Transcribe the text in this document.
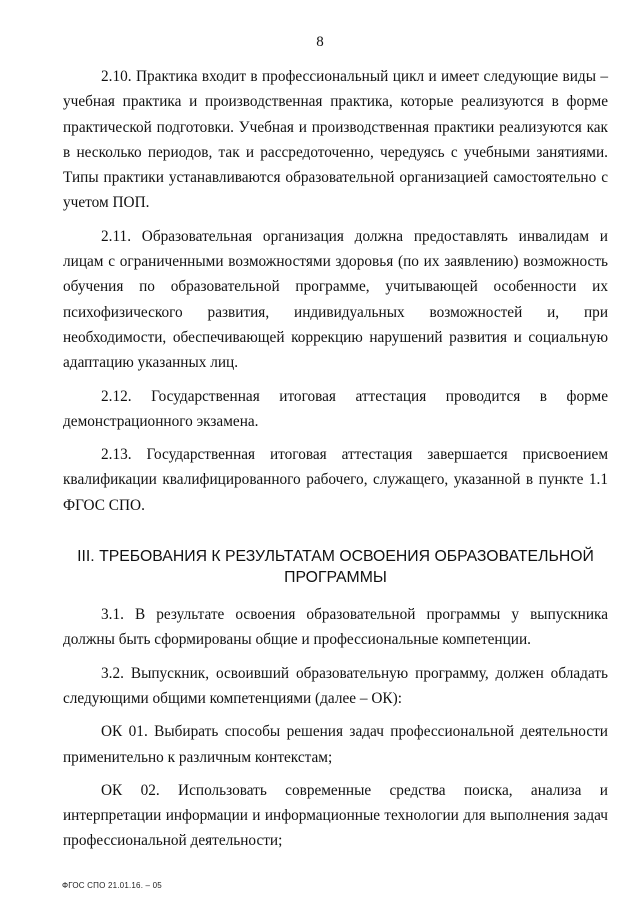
8

2.10. Практика входит в профессиональный цикл и имеет следующие виды – учебная практика и производственная практика, которые реализуются в форме практической подготовки. Учебная и производственная практики реализуются как в несколько периодов, так и рассредоточенно, чередуясь с учебными занятиями. Типы практики устанавливаются образовательной организацией самостоятельно с учетом ПОП.

2.11. Образовательная организация должна предоставлять инвалидам и лицам с ограниченными возможностями здоровья (по их заявлению) возможность обучения по образовательной программе, учитывающей особенности их психофизического развития, индивидуальных возможностей и, при необходимости, обеспечивающей коррекцию нарушений развития и социальную адаптацию указанных лиц.

2.12. Государственная итоговая аттестация проводится в форме демонстрационного экзамена.

2.13. Государственная итоговая аттестация завершается присвоением квалификации квалифицированного рабочего, служащего, указанной в пункте 1.1 ФГОС СПО.

III. ТРЕБОВАНИЯ К РЕЗУЛЬТАТАМ ОСВОЕНИЯ ОБРАЗОВАТЕЛЬНОЙ ПРОГРАММЫ

3.1. В результате освоения образовательной программы у выпускника должны быть сформированы общие и профессиональные компетенции.

3.2. Выпускник, освоивший образовательную программу, должен обладать следующими общими компетенциями (далее – ОК):

ОК 01. Выбирать способы решения задач профессиональной деятельности применительно к различным контекстам;

ОК 02. Использовать современные средства поиска, анализа и интерпретации информации и информационные технологии для выполнения задач профессиональной деятельности;

ФГОС СПО 21.01.16. – 05
